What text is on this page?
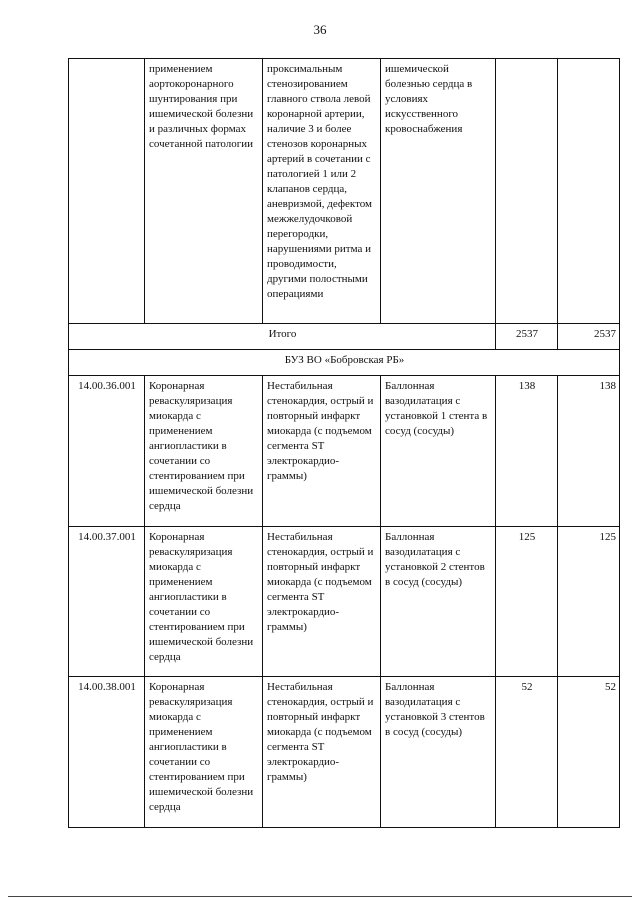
36
	применением аортокоронарного шунтирования при ишемической болезни и различных формах сочетанной патологии	проксимальным стенозированием главного ствола левой коронарной артерии, наличие 3 и более стенозов коронарных артерий в сочетании с патологией 1 или 2 клапанов сердца, аневризмой, дефектом межжелудочковой перегородки, нарушениями ритма и проводимости, другими полостными операциями	ишемической болезнью сердца в условиях искусственного кровоснабжения		
Итого				2537	2537
БУЗ ВО «Бобровская РБ»					
14.00.36.001	Коронарная реваскуляризация миокарда с применением ангиопластики в сочетании со стентированием при ишемической болезни сердца	Нестабильная стенокардия, острый и повторный инфаркт миокарда (с подъемом сегмента ST электрокардио-граммы)	Баллонная вазодилатация с установкой 1 стента в сосуд (сосуды)	138	138
14.00.37.001	Коронарная реваскуляризация миокарда с применением ангиопластики в сочетании со стентированием при ишемической болезни сердца	Нестабильная стенокардия, острый и повторный инфаркт миокарда (с подъемом сегмента ST электрокардио-граммы)	Баллонная вазодилатация с установкой 2 стентов в сосуд (сосуды)	125	125
14.00.38.001	Коронарная реваскуляризация миокарда с применением ангиопластики в сочетании со стентированием при ишемической болезни сердца	Нестабильная стенокардия, острый и повторный инфаркт миокарда (с подъемом сегмента ST электрокардио-граммы)	Баллонная вазодилатация с установкой 3 стентов в сосуд (сосуды)	52	52
